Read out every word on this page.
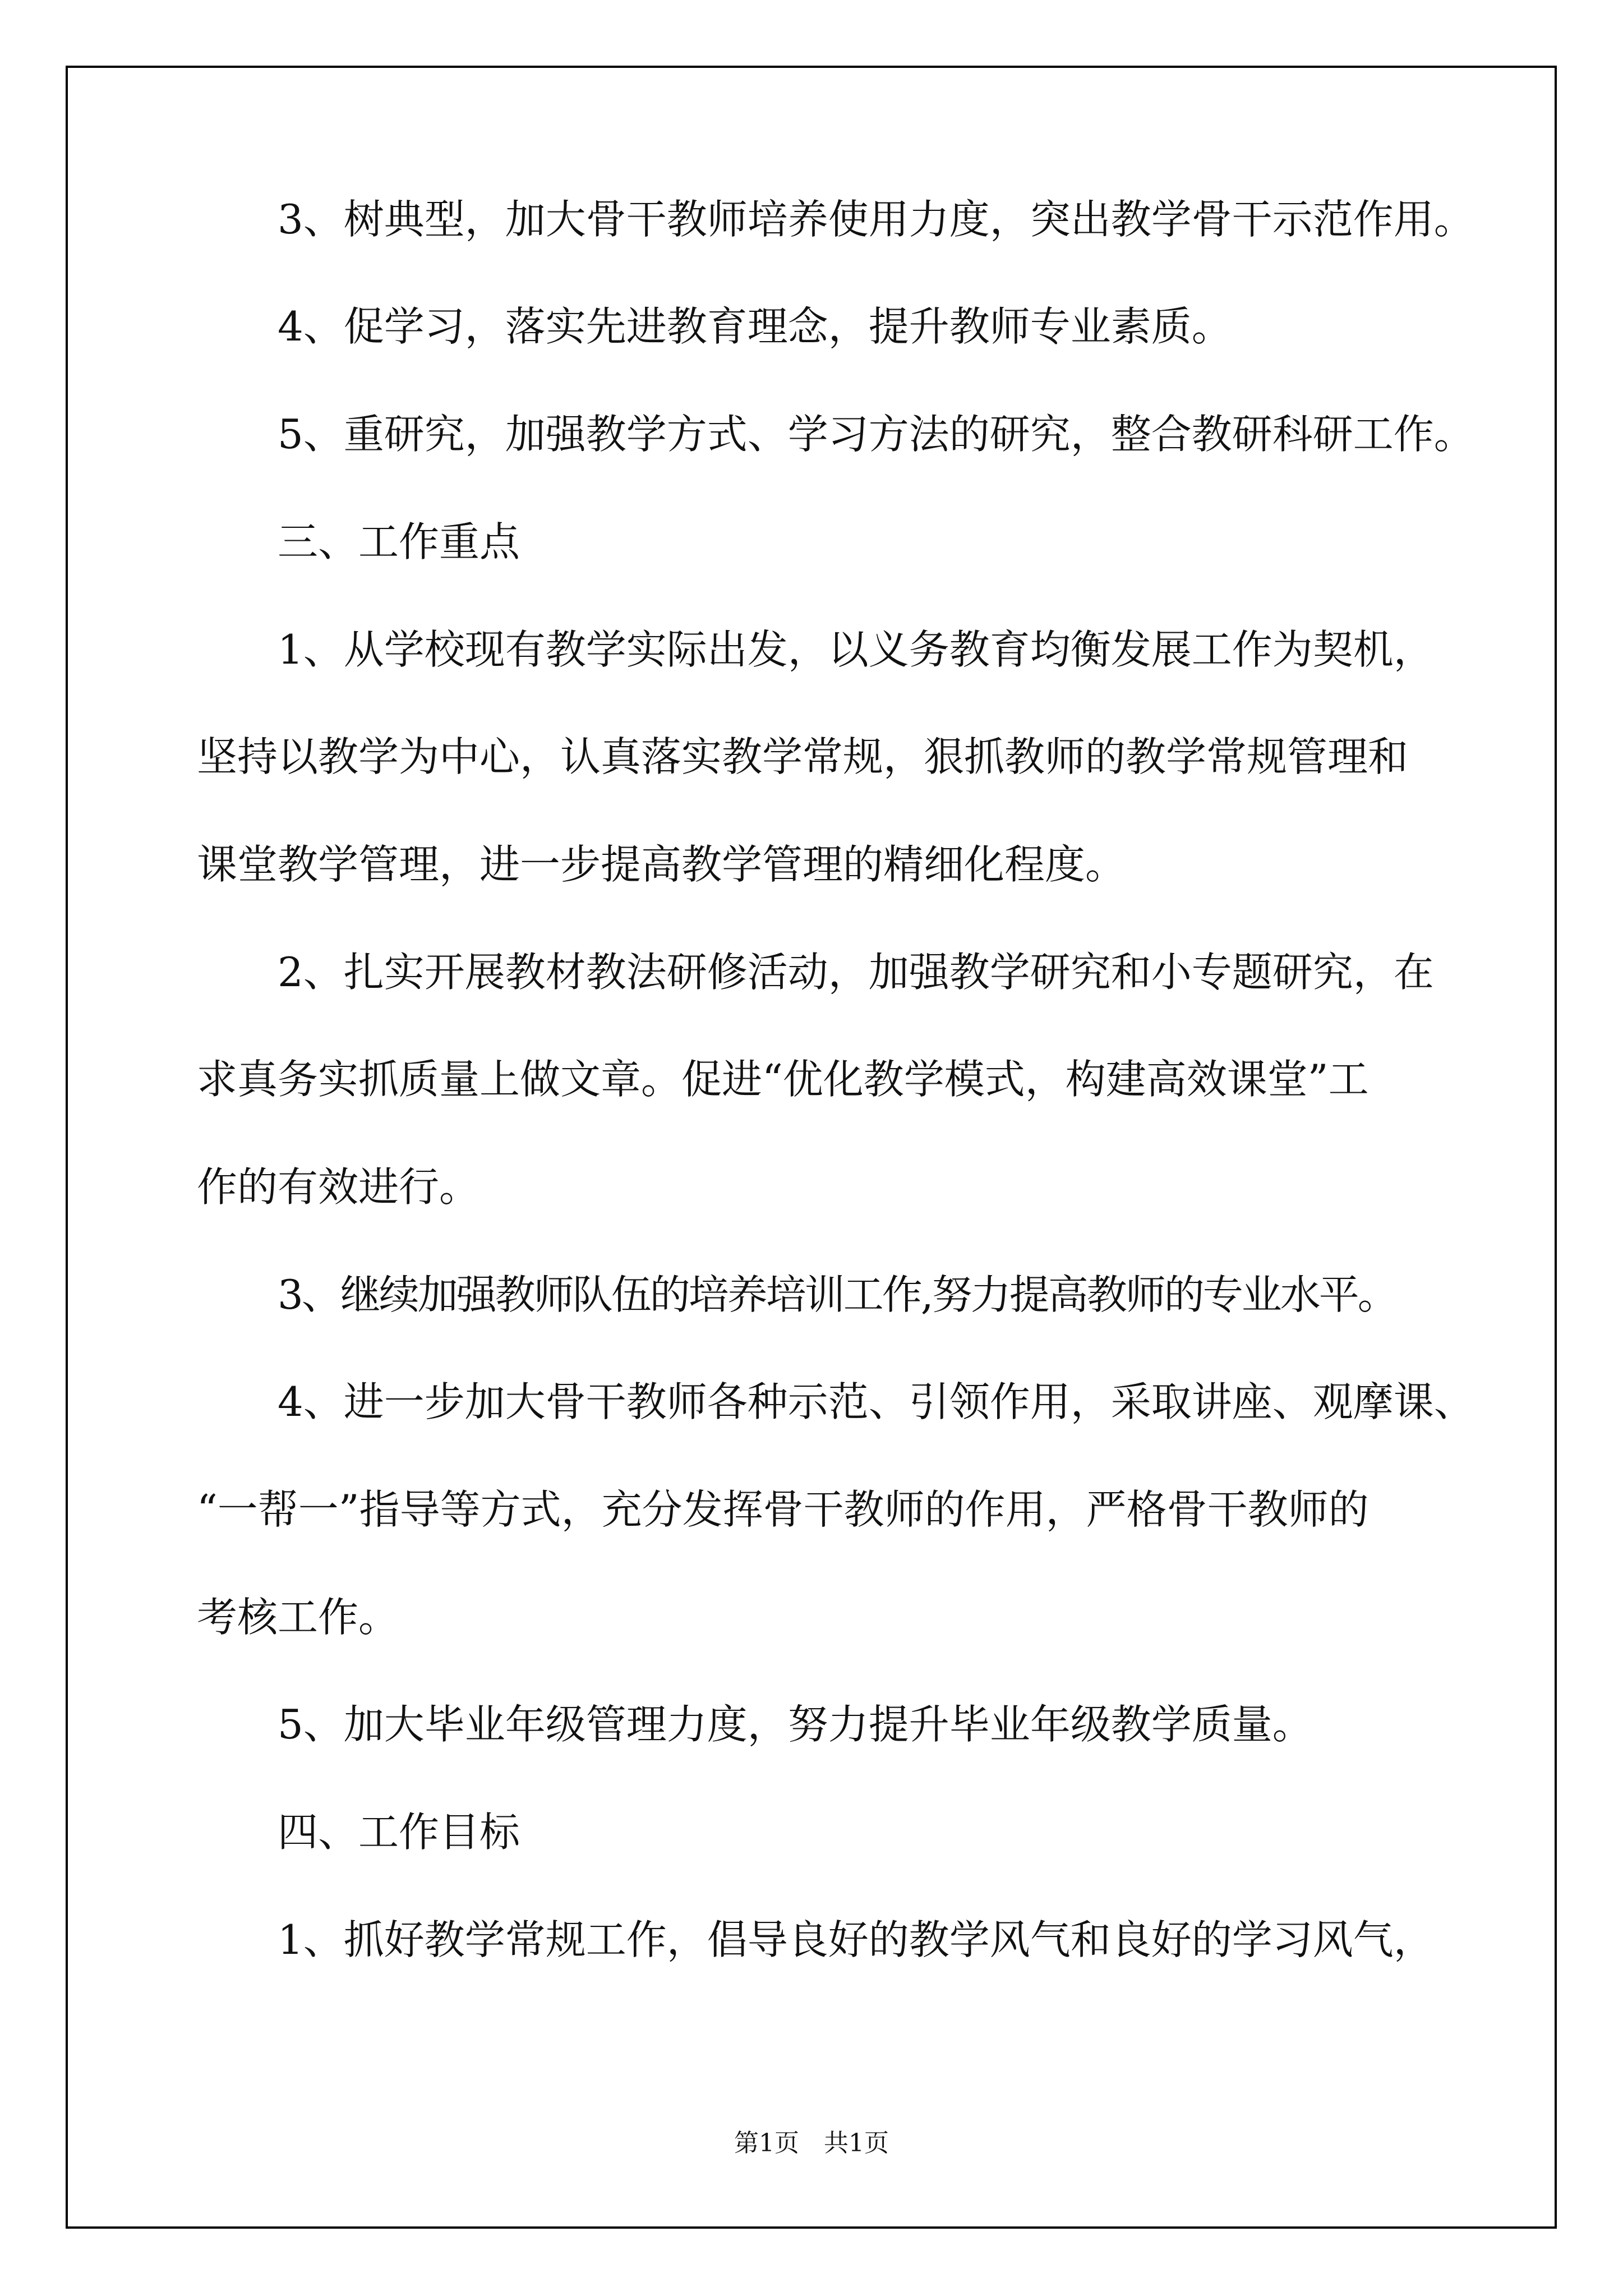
3、树典型，加大骨干教师培养使用力度，突出教学骨干示范作用。

4、促学习，落实先进教育理念，提升教师专业素质。

5、重研究，加强教学方式、学习方法的研究，整合教研科研工作。

三、工作重点

1、从学校现有教学实际出发，以义务教育均衡发展工作为契机，

坚持以教学为中心，认真落实教学常规，狠抓教师的教学常规管理和

课堂教学管理，进一步提高教学管理的精细化程度。

2、扎实开展教材教法研修活动，加强教学研究和小专题研究，在

求真务实抓质量上做文章。促进“优化教学模式，构建高效课堂”工

作的有效进行。

3、继续加强教师队伍的培养培训工作,努力提高教师的专业水平。

4、进一步加大骨干教师各种示范、引领作用，采取讲座、观摩课、

“一帮一”指导等方式，充分发挥骨干教师的作用，严格骨干教师的

考核工作。

5、加大毕业年级管理力度，努力提升毕业年级教学质量。

四、工作目标

1、抓好教学常规工作，倡导良好的教学风气和良好的学习风气，

第1页　共1页
